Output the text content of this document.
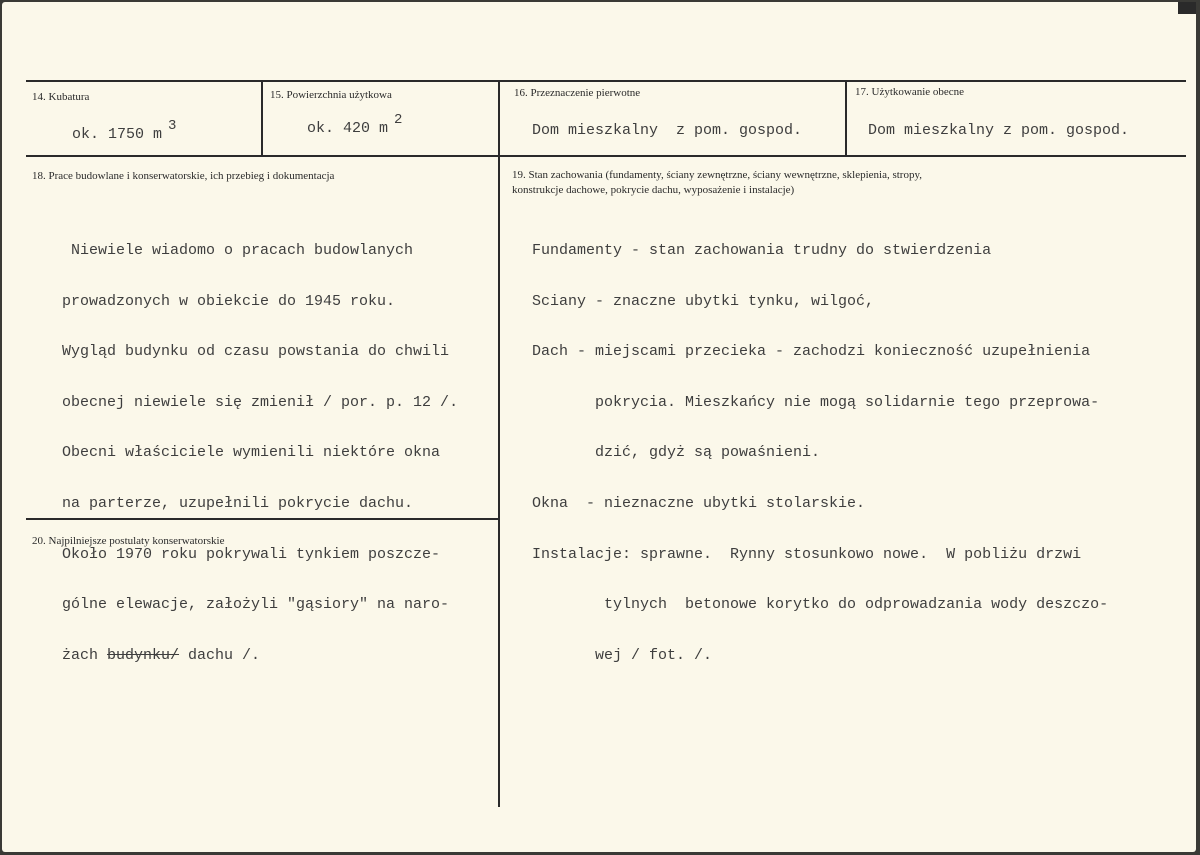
14. Kubatura
ok. 1750 m 3
15. Powierzchnia użytkowa
ok. 420 m 2
16. Przeznaczenie pierwotne
Dom mieszkalny  z pom. gospod.
17. Użytkowanie obecne
Dom mieszkalny z pom. gospod.
18. Prace budowlane i konserwatorskie, ich przebieg i dokumentacja

Niewiele wiadomo o pracach budowlanych

prowadzonych w obiekcie do 1945 roku.

Wygląd budynku od czasu powstania do chwili

obecnej niewiele się zmienił / por. p. 12 /.

Obecni właściciele wymienili niektóre okna

na parterze, uzupełnili pokrycie dachu.

Około 1970 roku pokrywali tynkiem poszcze-

gólne elewacje, założyli "gąsiory" na naro-

żach budynku/ dachu /.

19. Stan zachowania (fundamenty, ściany zewnętrzne, ściany wewnętrzne, sklepienia, stropy,
konstrukcje dachowe, pokrycie dachu, wyposażenie i instalacje)

Fundamenty - stan zachowania trudny do stwierdzenia

Sciany - znaczne ubytki tynku, wilgoć,

Dach - miejscami przecieka - zachodzi konieczność uzupełnienia

pokrycia. Mieszkańcy nie mogą solidarnie tego przeprowa-

dzić, gdyż są powaśnieni.

Okna  - nieznaczne ubytki stolarskie.

Instalacje: sprawne.  Rynny stosunkowo nowe.  W pobliżu drzwi

tylnych  betonowe korytko do odprowadzania wody deszczo-

wej / fot. /.

20. Najpilniejsze postulaty konserwatorskie
